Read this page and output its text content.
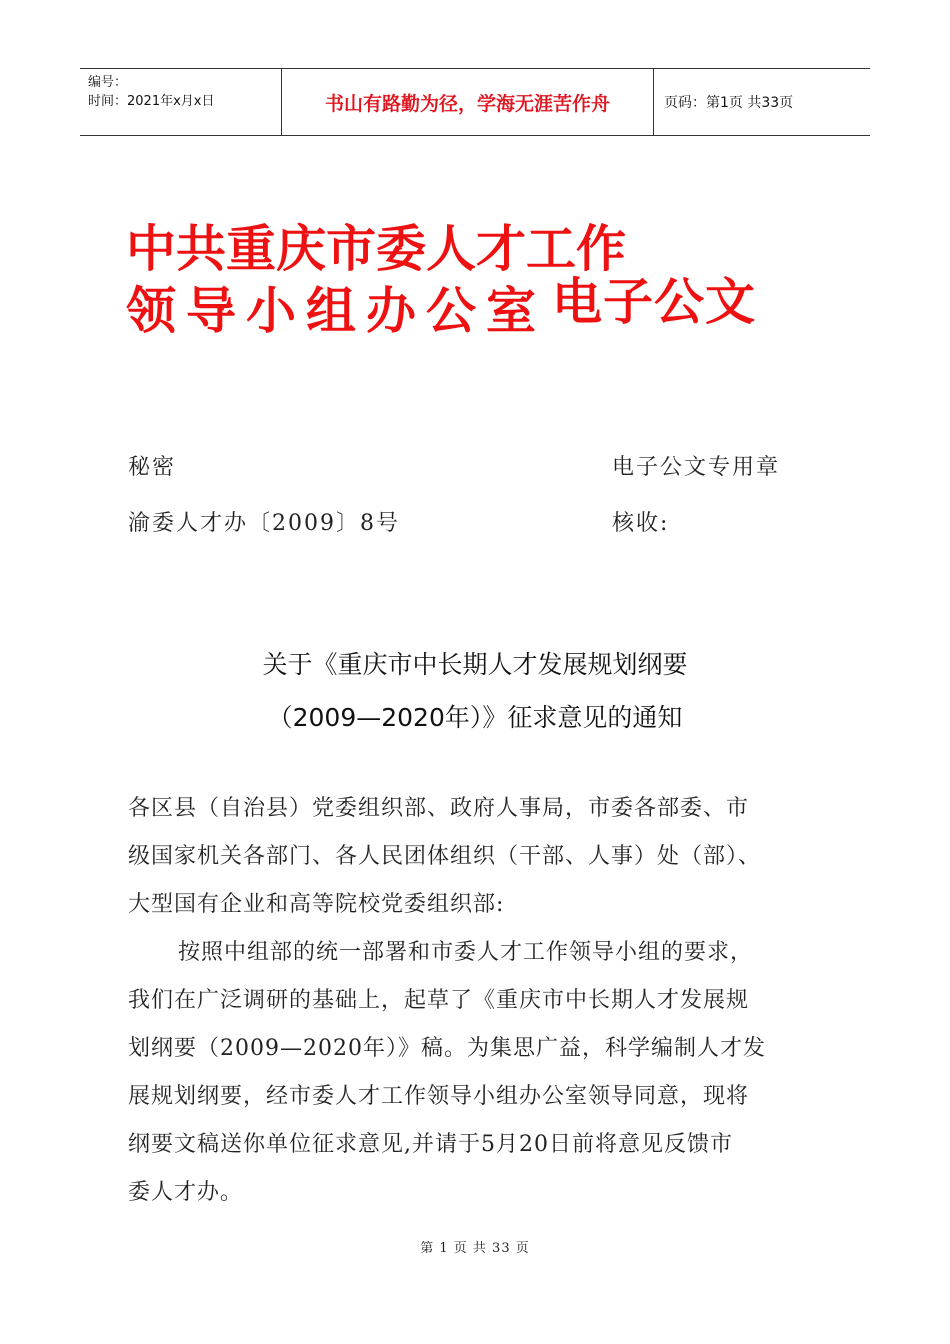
编号：
时间：2021年x月x日	书山有路勤为径，学海无涯苦作舟	页码：第1页 共33页
中共重庆市委人才工作
领导小组办公室 电子公文
秘密	电子公文专用章
渝委人才办〔2009〕8号	核收:
关于《重庆市中长期人才发展规划纲要
（2009—2020年）》征求意见的通知

各区县（自治县）党委组织部、政府人事局，市委各部委、市

级国家机关各部门、各人民团体组织（干部、人事）处（部）、

大型国有企业和高等院校党委组织部:

按照中组部的统一部署和市委人才工作领导小组的要求，

我们在广泛调研的基础上，起草了《重庆市中长期人才发展规

划纲要（2009—2020年）》稿。为集思广益，科学编制人才发

展规划纲要，经市委人才工作领导小组办公室领导同意，现将

纲要文稿送你单位征求意见,并请于5月20日前将意见反馈市

委人才办。

第 1 页 共 33 页
